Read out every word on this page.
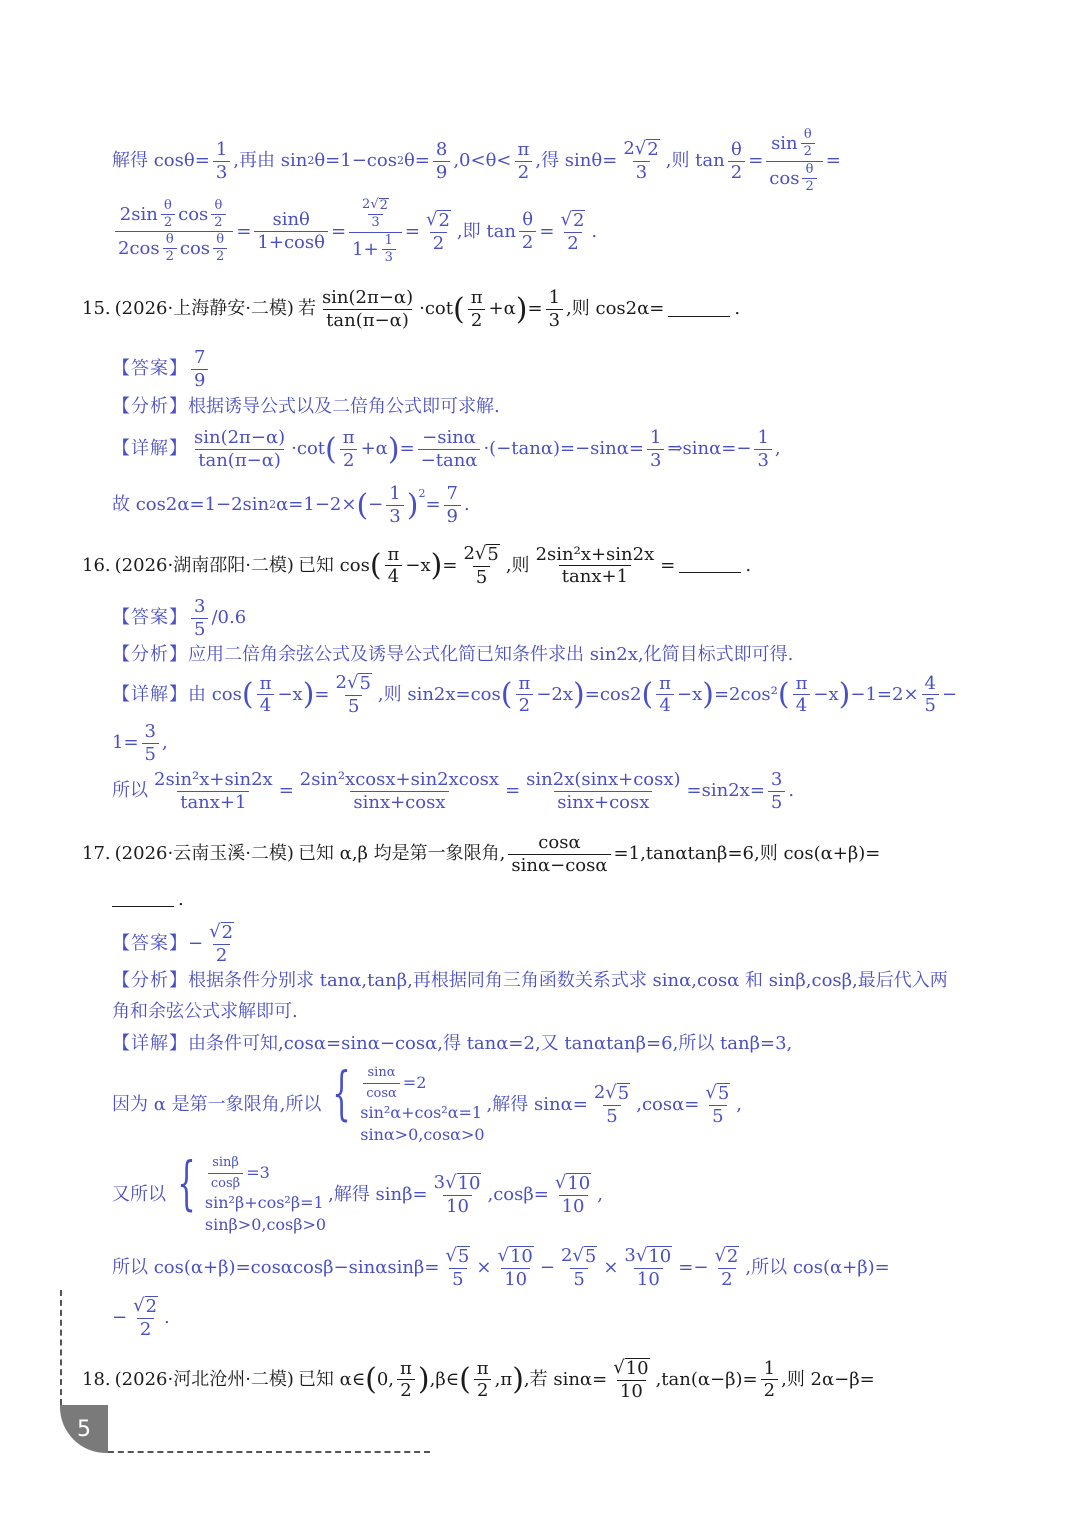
解得 $\cos \theta = \frac{1}{3}$ ,再由 sin 2 θ =1−cos 2 $\theta = \frac{8}{9} ,0<\theta< \frac{\pi}{2}$ ,得 $\sin \theta = \frac{2√ 2}{3}$ ,则 $\tan \frac{\theta}{2} = \frac{\sin \frac{\theta}{2}}{\cos \frac{\theta}{2}}$ =
$\frac{2\sin \frac{\theta}{2} \cos \frac{\theta}{2}}{2\cos \frac{\theta}{2} \cos \frac{\theta}{2}} = \frac{\sin\theta}{1+\cos\theta} = \frac{\frac{2√ 2}{3}}{1+ \frac{1}{3}} = \frac{√ 2}{2}$ ,即 $\tan \frac{\theta}{2} = \frac{√ 2}{2}$ .
15. (2026·上海静安·二模) 若 $\frac{\sin(2\pi-\alpha)}{\tan(\pi-\alpha)} \cdot\cot$ ( $\frac{\pi}{2} +\alpha$ ) = $\frac{1}{3}$ ,则 cos2α=	.
【答案】 $\frac{7}{9}$
【分析】 根据诱导公式以及二倍角公式即可求解.
【详解】 $\frac{\sin(2\pi-\alpha)}{\tan(\pi-\alpha)} \cdot\cot$ ( $\frac{\pi}{2} +\alpha$ ) = $\frac{-\sin\alpha}{-\tan\alpha} \cdot(-\tan\alpha)=-\sin\alpha= \frac{1}{3}$ ⇒sinα=− $\frac{1}{3}$ ,
故 cos2α=1−2sin 2 α=1−2× ( − $\frac{1}{3} )^2$
= $\frac{7}{9}$ .
16. (2026·湖南邵阳·二模) 已知 cos ( $\frac{\pi}{4} -x$ ) = $\frac{2√ 5}{5}$ ,则 $\frac{\text{2sin²x+sin2x}}{\tan x+1}$ =	.
【答案】 $\frac{3}{5} /0.6$
【分析】 应用二倍角余弦公式及诱导公式化简已知条件求出 sin2x,化简目标式即可得.
【详解】 由 cos ( $\frac{\pi}{4} -x$ ) = $\frac{2√ 5}{5}$ ,则 sin2x=cos ( $\frac{\pi}{2} -2x$ ) =cos2 ( $\frac{\pi}{4} -x$ ) =2cos² ( $\frac{\pi}{4} -x$ ) $-1=2\times \frac{4}{5}$ −
$1= \frac{3}{5}$ ,
所以 $\frac{\text{2sin²x+sin2x}}{\tan x+1} = \frac{\text{2sin²xcosx+sin2xcosx}}{\sin x+\cos x} = \frac{\sin 2x(\sin x+\cos x)}{\sin x+\cos x} =\sin 2x= \frac{3}{5}$ .
17. (2026·云南玉溪·二模) 已知 α,β 均是第一象限角, $\frac{\cos\alpha}{\sin\alpha-\cos\alpha} =1,\tan\alpha\tan\beta=6$,则 cos(α+β)=
.
【答案】 − $\frac{√ 2}{2}$
【分析】 根据条件分别求 tanα,tanβ,再根据同角三角函数关系式求 sinα,cosα 和 sinβ,cosβ,最后代入两
角和余弦公式求解即可.
【详解】 由条件可知,cosα=sinα−cosα,得 tanα=2,又 tanαtanβ=6,所以 tanβ=3,
因为 α 是第一象限角,所以 { $\frac{\sin\alpha}{\cos\alpha} =2$
sin²α+cos²α=1
sinα>0,cosα>0
,解得 $\sin\alpha= \frac{2√ 5}{5} ,\cos\alpha= \frac{√ 5}{5}$ ,
又所以 { $\frac{\sin\beta}{\cos\beta} =3$
sin²β+cos²β=1
sinβ>0,cosβ>0
,解得 $\sin\beta= \frac{3√ 10}{10} ,\cos\beta= \frac{√ 10}{10}$ ,
所以 $\cos(\alpha+\beta)=\cos\alpha\cos\beta-\sin\alpha\sin\beta= \frac{√ 5}{5} \times \frac{√ 10}{10} - \frac{2√ 5}{5} \times \frac{3√ 10}{10} =- \frac{√ 2}{2}$ ,所以 cos(α+β)=
− $\frac{√ 2}{2}$ .
18. (2026·河北沧州·二模) 已知 α∈ ( 0, $\frac{\pi}{2}$ ) ,β∈ ( $\frac{\pi}{2} ,\pi$ ) ,若 $\sin\alpha= \frac{√ 10}{10} ,\tan(\alpha-\beta)= \frac{1}{2}$ ,则 2α−β=
5
